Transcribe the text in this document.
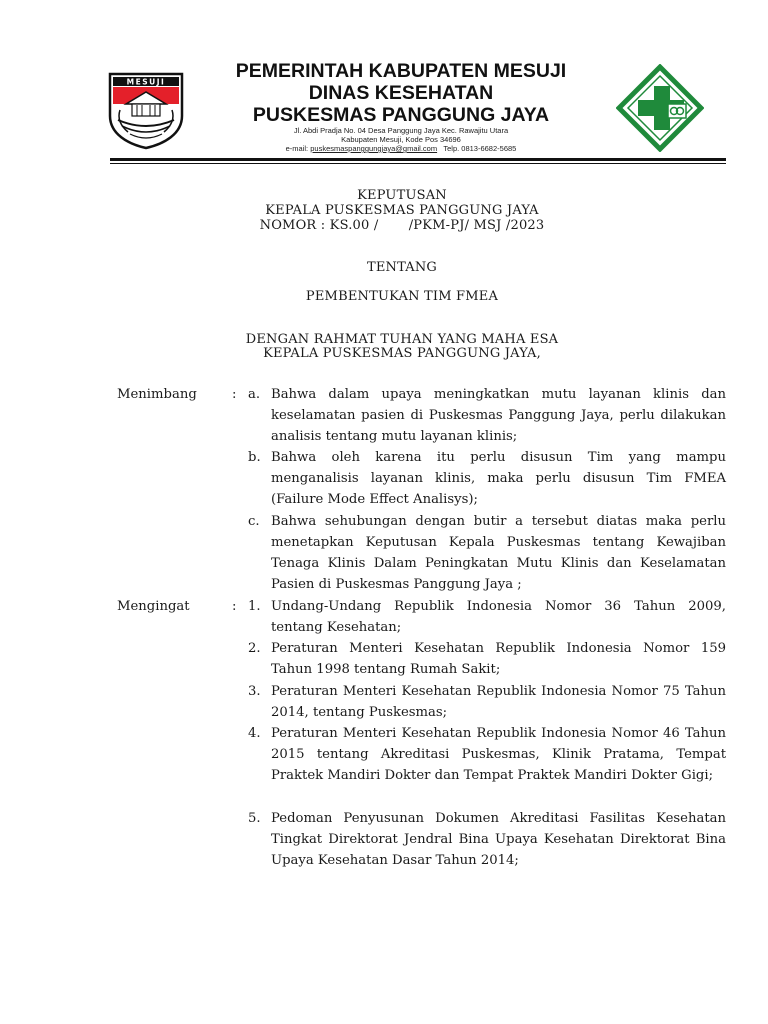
MESUJI	PEMERINTAH KABUPATEN MESUJI
DINAS KESEHATAN
PUSKESMAS PANGGUNG JAYA
Jl. Abdi Pradja No. 04 Desa Panggung Jaya Kec. Rawajitu Utara
Kabupaten Mesuji, Kode Pos 34696
e-mail: puskesmaspanggungjaya@gmail.com Telp. 0813-6682-5685
KEPUTUSAN
KEPALA PUSKESMAS PANGGUNG JAYA
NOMOR : KS.00 /       /PKM-PJ/ MSJ /2023
TENTANG
PEMBENTUKAN TIM FMEA
DENGAN RAHMAT TUHAN YANG MAHA ESA
KEPALA PUSKESMAS PANGGUNG JAYA,
Menimbang	: a. Bahwa dalam upaya meningkatkan mutu layanan klinis dan keselamatan pasien di Puskesmas Panggung Jaya, perlu dilakukan analisis tentang mutu layanan klinis;
b. Bahwa oleh karena itu perlu disusun Tim yang mampu menganalisis layanan klinis, maka perlu disusun Tim FMEA (Failure Mode Effect Analisys);
c. Bahwa sehubungan dengan butir a tersebut diatas maka perlu menetapkan Keputusan Kepala Puskesmas tentang Kewajiban Tenaga Klinis Dalam Peningkatan Mutu Klinis dan Keselamatan Pasien di Puskesmas Panggung Jaya ;
Mengingat	: 1. Undang-Undang Republik Indonesia Nomor 36 Tahun 2009, tentang Kesehatan;
2. Peraturan Menteri Kesehatan Republik Indonesia Nomor 159 Tahun 1998 tentang Rumah Sakit;
3. Peraturan Menteri Kesehatan Republik Indonesia Nomor 75 Tahun 2014, tentang Puskesmas;
4. Peraturan Menteri Kesehatan Republik Indonesia Nomor 46 Tahun 2015 tentang Akreditasi Puskesmas, Klinik Pratama, Tempat Praktek Mandiri Dokter dan Tempat Praktek Mandiri Dokter Gigi;
5. Pedoman Penyusunan Dokumen Akreditasi Fasilitas Kesehatan Tingkat Direktorat Jendral Bina Upaya Kesehatan Direktorat Bina Upaya Kesehatan Dasar Tahun 2014;
